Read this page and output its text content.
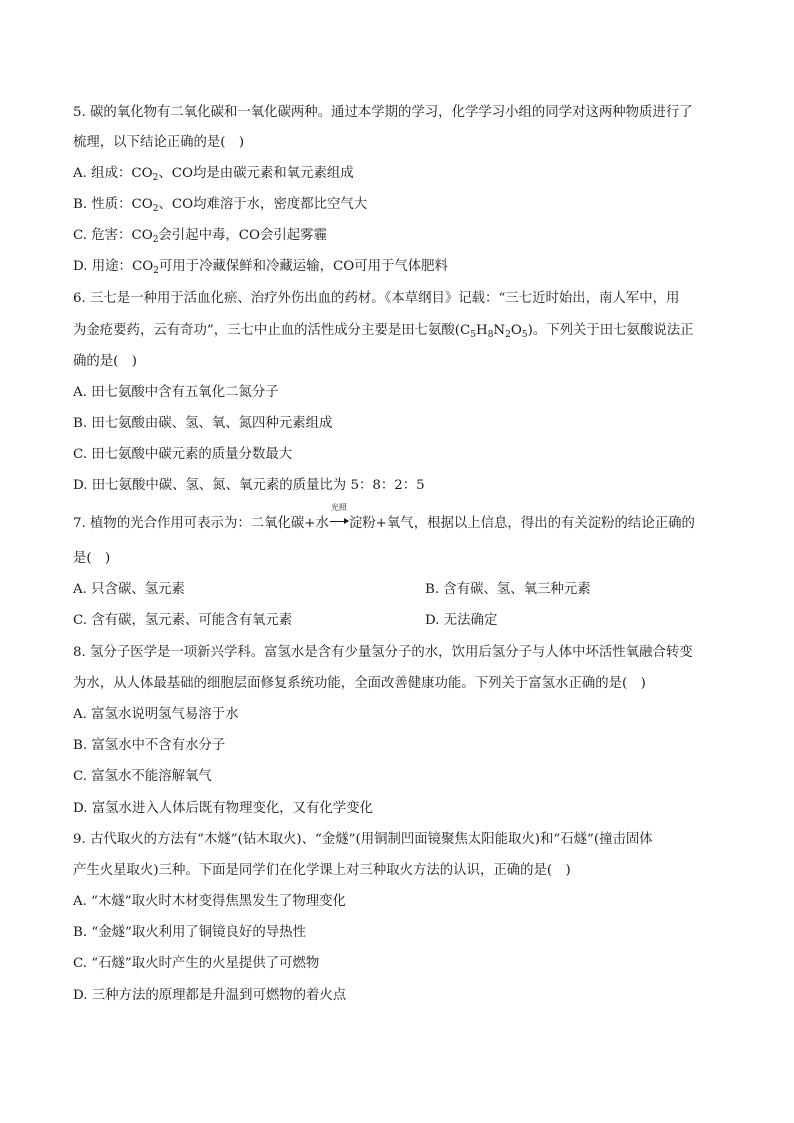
5. 碳的氧化物有二氧化碳和一氧化碳两种。通过本学期的学习，化学学习小组的同学对这两种物质进行了
梳理，以下结论正确的是(　)
A. 组成：$CO_2$、CO均是由碳元素和氧元素组成
B. 性质：$CO_2$、CO均难溶于水，密度都比空气大
C. 危害：$CO_2$会引起中毒，CO会引起雾霾
D. 用途：$CO_2$可用于冷藏保鲜和冷藏运输，CO可用于气体肥料
6. 三七是一种用于活血化瘀、治疗外伤出血的药材。《本草纲目》记载：“三七近时始出，南人军中，用
为金疮要药，云有奇功”，三七中止血的活性成分主要是田七氨酸$(C_5H_8N_2O_5)$。下列关于田七氨酸说法正
确的是(　)
A. 田七氨酸中含有五氧化二氮分子
B. 田七氨酸由碳、氢、氧、氮四种元素组成
C. 田七氨酸中碳元素的质量分数最大
D. 田七氨酸中碳、氢、氮、氧元素的质量比为 5：8：2：5
7. 植物的光合作用可表示为：二氧化碳+水
光照
淀粉+氧气，根据以上信息，得出的有关淀粉的结论正确的
是(　)
A. 只含碳、氢元素	B. 含有碳、氢、氧三种元素
C. 含有碳，氢元素、可能含有氧元素	D. 无法确定
8. 氢分子医学是一项新兴学科。富氢水是含有少量氢分子的水，饮用后氢分子与人体中坏活性氧融合转变
为水，从人体最基础的细胞层面修复系统功能，全面改善健康功能。下列关于富氢水正确的是(　)
A. 富氢水说明氢气易溶于水
B. 富氢水中不含有水分子
C. 富氢水不能溶解氧气
D. 富氢水进入人体后既有物理变化，又有化学变化
9. 古代取火的方法有“木燧”(钻木取火)、“金燧”(用铜制凹面镜聚焦太阳能取火)和“石燧”(撞击固体
产生火星取火)三种。下面是同学们在化学课上对三种取火方法的认识，正确的是(　)
A. “木燧”取火时木材变得焦黑发生了物理变化
B. “金燧”取火利用了铜镜良好的导热性
C. “石燧”取火时产生的火星提供了可燃物
D. 三种方法的原理都是升温到可燃物的着火点
